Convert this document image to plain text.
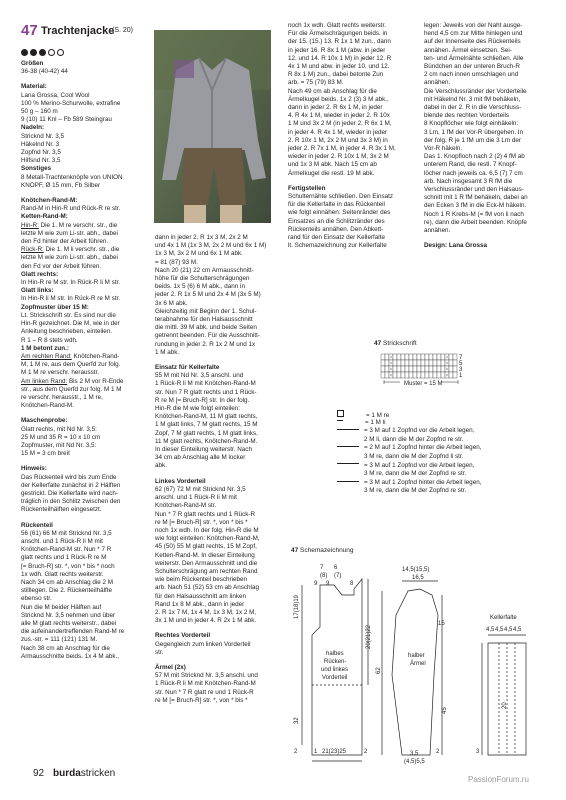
47 Trachtenjacke
(S. 20)

Größen

36-38 (40-42) 44

Material:

Lana Grossa, Cool Wool

100 % Merino-Schurwolle, extrafine

50 g – 160 m

9 (10) 11 Knl – Fb 589 Steingrau

Nadeln:

Stricknd Nr. 3,5

Häkelnd Nr. 3

Zopfnd Nr. 3,5

Hilfsnd Nr. 3,5

Sonstiges

8 Metall-Trachtenknöpfe von UNION

KNOPF, Ø 15 mm, Fb Silber

Knötchen-Rand-M:

Rand-M in Hin-R und Rück-R re str.

Ketten-Rand-M:

Hin-R: Die 1. M re verschr. str., die

letzte M wie zum Li-str. abh., dabei

den Fd hinter der Arbeit führen.

Rück-R: Die 1. M li verschr. str., die

letzte M wie zum Li-str. abh., dabei

den Fd vor der Arbeit führen.

Glatt rechts:

In Hin-R re M str. In Rück-R li M str.

Glatt links:

In Hin-R li M str. In Rück-R re M str.

Zopfmuster über 15 M:

Lt. Strickschrift str. Es sind nur die

Hin-R gezeichnet. Die M, wie in der

Anleitung beschrieben, einteilen.

R 1 – R 8 stets wdh.

1 M betont zun.:

Am rechten Rand: Knötchen-Rand-

M, 1 M re, aus dem Querfd zur folg.

M 1 M re verschr. herausstr.

Am linken Rand: Bis 2 M vor R-Ende

str., aus dem Querfd zur folg. M 1 M

re verschr. herausstr., 1 M re,

Knötchen-Rand-M.

Maschenprobe:

Glatt rechts, mit Nd Nr. 3,5:

25 M und 35 R = 10 x 10 cm

Zopfmuster, mit Nd Nr. 3,5:

15 M = 3 cm breit

Hinweis:

Das Rückenteil wird bis zum Ende

der Kellerfalte zunächst in 2 Hälften

gestrickt. Die Kellerfalte wird nach-

träglich in den Schlitz zwischen den

Rückenteilhälften eingesetzt.

Rückenteil

56 (61) 66 M mit Stricknd Nr. 3,5

anschl. und 1 Rück-R li M mit

Knötchen-Rand-M str. Nun * 7 R

glatt rechts und 1 Rück-R re M

[= Bruch-R] str. *, von * bis * noch

1x wdh. Glatt rechts weiterstr.

Nach 34 cm ab Anschlag die 2 M

stilllegen. Die 2. Rückenteilhälfte

ebenso str.

Nun die M beider Hälften auf

Stricknd Nr. 3,5 nehmen und über

alle M glatt rechts weiterstr., dabei

die aufeinandertreffenden Rand-M re

zus.-str. = 111 (121) 131 M.

Nach 38 cm ab Anschlag für die

Armausschnitte beids. 1x 4 M abk.,

dann in jeder 2. R 1x 3 M, 2x 2 M

und 4x 1 M (1x 3 M, 2x 2 M und 6x 1 M)

1x 3 M, 3x 2 M und 6x 1 M abk.

= 81 (87) 93 M.

Nach 20 (21) 22 cm Armausschnitt-

höhe für die Schulterschrägungen

beids. 1x 5 (6) 6 M abk., dann in

jeder 2. R 1x 5 M und 2x 4 M (3x 5 M)

3x 6 M abk.

Gleichzeitig mit Beginn der 1. Schul-

terabnahme für den Halsausschnitt

die mittl. 39 M abk. und beide Seiten

getrennt beenden. Für die Ausschnitt-

rundung in jeder 2. R 1x 2 M und 1x

1 M abk.

Einsatz für Kellerfalte

55 M mit Nd Nr. 3,5 anschl. und

1 Rück-R li M mit Knötchen-Rand-M

str. Nun 7 R glatt rechts und 1 Rück-

R re M [= Bruch-R] str. In der folg.

Hin-R die M wie folgt einteilen:

Knötchen-Rand-M, 11 M glatt rechts,

1 M glatt links, 7 M glatt rechts, 15 M

Zopf, 7 M glatt rechts, 1 M glatt links,

11 M glatt rechts, Knötchen-Rand-M.

In dieser Einteilung weiterstr. Nach

34 cm ab Anschlag alle M locker

abk.

Linkes Vorderteil

62 (67) 72 M mit Stricknd Nr. 3,5

anschl. und 1 Rück-R li M mit

Knötchen-Rand-M str.

Nun * 7 R glatt rechts und 1 Rück-R

re M [= Bruch-R] str. *, von * bis *

noch 1x wdh. In der folg. Hin-R die M

wie folgt einteilen: Knötchen-Rand-M,

45 (50) 55 M glatt rechts, 15 M Zopf,

Ketten-Rand-M. In dieser Einteilung

weiterstr. Den Armausschnitt und die

Schulterschrägung am rechten Rand

wie beim Rückenteil beschrieben

arb. Nach 51 (52) 53 cm ab Anschlag

für den Halsausschnitt am linken

Rand 1x 8 M abk., dann in jeder

2. R 1x 7 M, 1x 4 M, 1x 3 M, 1x 2 M,

3x 1 M und in jeder 4. R 2x 1 M abk.

Rechtes Vorderteil

Gegengleich zum linken Vorderteil

str.

Ärmel (2x)

57 M mit Stricknd Nr. 3,5 anschl. und

1 Rück-R li M mit Knötchen-Rand-M

str. Nun * 7 R glatt re und 1 Rück-R

re M [= Bruch-R] str. *, von * bis *

noch 1x wdh. Glatt rechts weiterstr.

Für die Ärmelschrägungen beids. in

der 15. (15.) 13. R 1x 1 M zun., dann

in jeder 16. R 8x 1 M (abw. in jeder

12. und 14. R 10x 1 M) in jeder 12. R

4x 1 M und abw. in jeder 10. und 12.

R 8x 1 M) zun., dabei betonte Zun

arb. = 75 (79) 83 M.

Nach 49 cm ab Anschlag für die

Ärmelkugel beids. 1x 2 (3) 3 M abk.,

dann in jeder 2. R 6x 1 M, in jeder

4. R 4x 1 M, wieder in jeder 2. R 10x

1 M und 3x 2 M (in jeder 2. R 6x 1 M,

in jeder 4. R 4x 1 M, wieder in jeder

2. R 10x 1 M, 2x 2 M und 3x 3 M) in

jeder 2. R 7x 1 M, in jeder 4. R 3x 1 M,

wieder in jeder 2. R 10x 1 M, 3x 2 M

und 1x 3 M abk. Nach 15 cm ab

Ärmelkugel die restl. 19 M abk.

Fertigstellen

Schulternähte schließen. Den Einsatz

für die Kellerfalte in das Rückenteil

wie folgt einnähen: Seitenränder des

Einsatzes an die Schlitzränder des

Rückenteils annähen. Den Abkett-

rand für den Einsatz der Kellerfalte

lt. Schemazeichnung zur Kellerfalte

legen: Jeweils von der Naht ausge-

hend 4,5 cm zur Mitte hinlegen und

auf der Innenseite des Rückenteils

annähen. Ärmel einsetzen. Sei-

ten- und Ärmelnähte schließen. Alle

Bündchen an der unteren Bruch-R

2 cm nach innen umschlagen und

annähen.

Die Verschlussränder der Vorderteile

mit Häkelnd Nr. 3 mit fM behäkeln,

dabei in der 2. R in die Verschluss-

blende des rechten Vorderteils

8 Knopflöcher wie folgt einhäkeln:

3 Lm, 1 fM der Vor-R übergehen. In

der folg. R je 1 fM um die 3 Lm der

Vor-R häkeln.

Das 1. Knopfloch nach 2 (2) 4 fM ab

unterem Rand, die restl. 7 Knopf-

löcher nach jeweils ca. 6,5 (7) 7 cm

arb. Nach insgesamt 3 R fM die

Verschlussränder und den Halsaus-

schnitt mit 1 R fM behäkeln, dabei an

den Ecken 3 fM in die Eck-M häkeln.

Noch 1 R Krebs-M (= fM von li nach

re), dann die Arbeit beenden. Knöpfe

annähen.

Design: Lana Grossa

47 Strickschrift
7
5
3
1
Muster = 15 M
= 1 M re
= 1 M li
= 3 M auf 1 Zopfnd vor die Arbeit legen,
2 M li, dann die M der Zopfnd re str.
= 2 M auf 1 Zopfnd hinter die Arbeit legen,
3 M re, dann die M der Zopfnd li str.
= 3 M auf 1 Zopfnd vor die Arbeit legen,
3 M re, dann die M der Zopfnd re str.
= 3 M auf 1 Zopfnd hinter die Arbeit legen,
3 M re, dann die M der Zopfnd re str.
47 Schemazeichnung
7 6
(8) (7)
9 9	8
17(18)19
20(21)22
32
2
halbes
Rücken-
und linkes
Vorderteil
21(23)25
1	2
14,5(15,5)
16,5
15
62
45
2
halber
Ärmel
3,5
(4,5)5,5
Kellerfalte
4,5 4,5 4,5 4,5
20
3
92 burdastricken
PassionForum.ru
